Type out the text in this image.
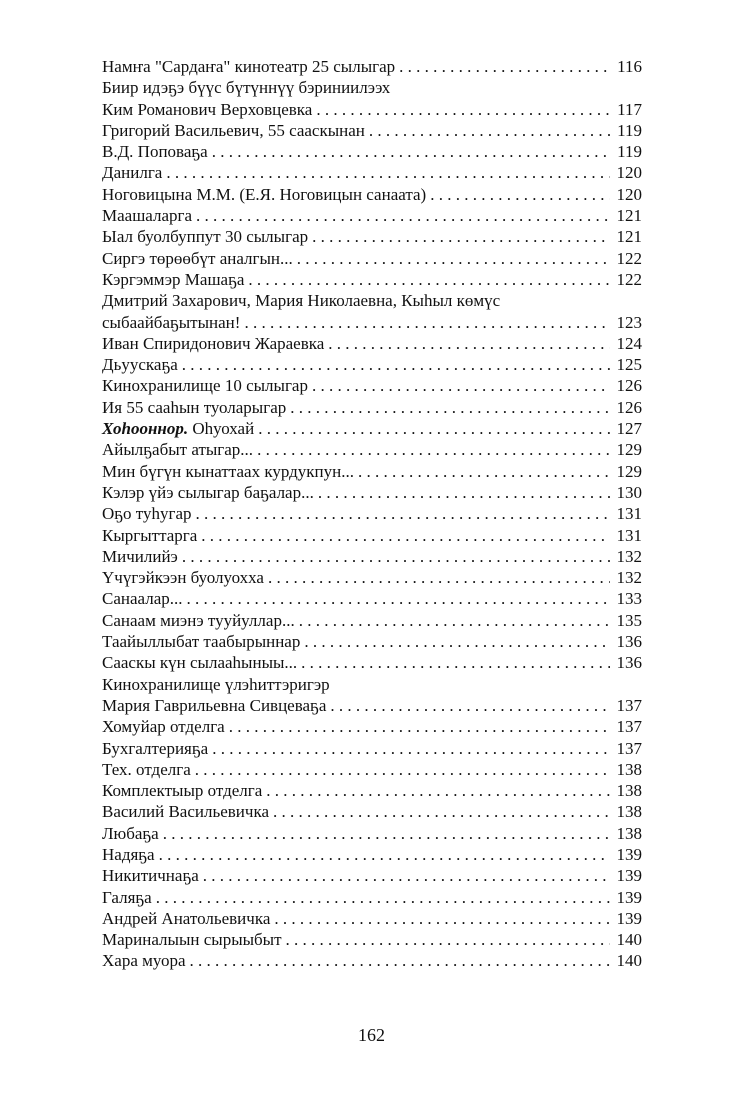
Намҥа "Сардаҥа" кинотеатр 25 сылыгар . . .	116
Биир идэҕэ бүүс бүтүннүү бэриниилээх
Ким Романович Верховцевка . . .	117
Григорий Васильевич, 55 сааскынан . . .	119
В.Д. Поповаҕа . . .	119
Данилга . . .	120
Ноговицына М.М. (Е.Я. Ноговицын санаата) . . .	120
Маашаларга . . .	121
Ыал буолбуппут 30 сылыгар . . .	121
Сиргэ төрөөбүт аналгын... . . .	122
Кэргэммэр Машаҕа . . .	122
Дмитрий Захарович, Мария Николаевна, Кыһыл көмүс
сыбаайбаҕытынан! . . .	123
Иван Спиридонович Жараевка . . .	124
Дьуускаҕа . . .	125
Кинохранилище 10 сылыгар . . .	126
Ия 55 сааһын туоларыгар . . .	126
Хоһооннор. Оһуохай . . .	127
Айылҕабыт атыгар... . . .	129
Мин бүгүн кынаттаах курдукпун... . . .	129
Кэлэр үйэ сылыгар баҕалар... . . .	130
Оҕо туһугар . . .	131
Кыргыттарга . . .	131
Мичилийэ . . .	132
Үчүгэйкээн буолуохха . . .	132
Санаалар... . . .	133
Санаам миэнэ тууйуллар... . . .	135
Таайыллыбат таабырыннар . . .	136
Сааскы күн сылааһыныы... . . .	136
Кинохранилище үлэһиттэригэр
Мария Гаврильевна Сивцеваҕа . . .	137
Хомуйар отделга . . .	137
Бухгалтерияҕа . . .	137
Тех. отделга . . .	138
Комплектыыр отделга . . .	138
Василий Васильевичка . . .	138
Любаҕа . . .	138
Надяҕа . . .	139
Никитичнаҕа . . .	139
Галяҕа . . .	139
Андрей Анатольевичка . . .	139
Мариналыын сырыыбыт . . .	140
Хара муора . . .	140
162
